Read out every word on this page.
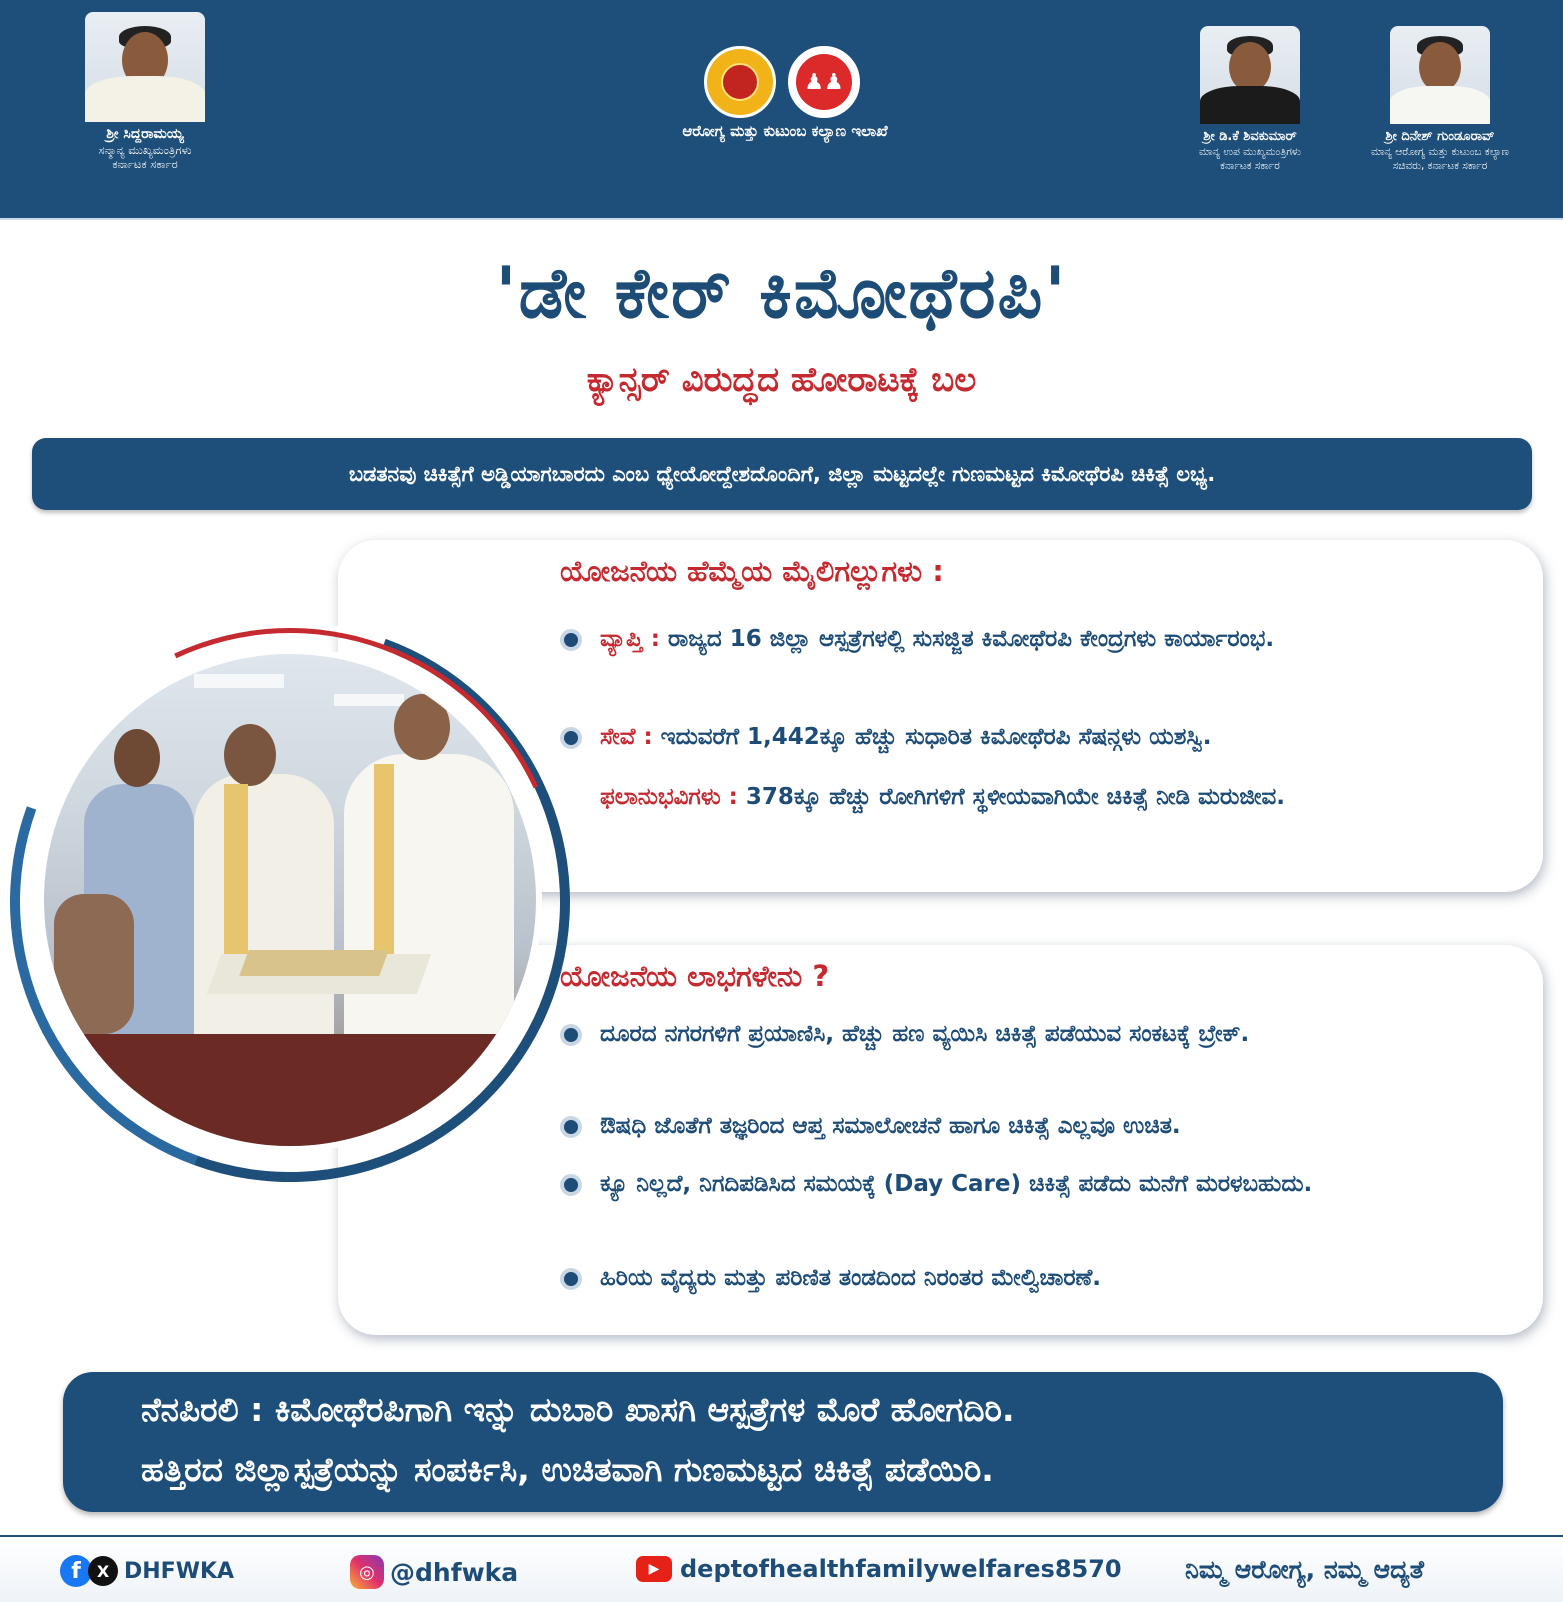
ಶ್ರೀ ಸಿದ್ದರಾಮಯ್ಯ
ಸನ್ಮಾನ್ಯ ಮುಖ್ಯಮಂತ್ರಿಗಳು
ಕರ್ನಾಟಕ ಸರ್ಕಾರ
♟♟
ಆರೋಗ್ಯ ಮತ್ತು ಕುಟುಂಬ ಕಲ್ಯಾಣ ಇಲಾಖೆ	ಶ್ರೀ ಡಿ.ಕೆ ಶಿವಕುಮಾರ್
ಮಾನ್ಯ ಉಪ ಮುಖ್ಯಮಂತ್ರಿಗಳು
ಕರ್ನಾಟಕ ಸರ್ಕಾರ
ಶ್ರೀ ದಿನೇಶ್ ಗುಂಡೂರಾವ್
ಮಾನ್ಯ ಆರೋಗ್ಯ ಮತ್ತು ಕುಟುಂಬ ಕಲ್ಯಾಣ
ಸಚಿವರು, ಕರ್ನಾಟಕ ಸರ್ಕಾರ
'ಡೇ ಕೇರ್ ಕಿಮೋಥೆರಪಿ'
ಕ್ಯಾನ್ಸರ್ ವಿರುದ್ಧದ ಹೋರಾಟಕ್ಕೆ ಬಲ
ಬಡತನವು ಚಿಕಿತ್ಸೆಗೆ ಅಡ್ಡಿಯಾಗಬಾರದು ಎಂಬ ಧ್ಯೇಯೋದ್ದೇಶದೊಂದಿಗೆ, ಜಿಲ್ಲಾ ಮಟ್ಟದಲ್ಲೇ ಗುಣಮಟ್ಟದ ಕಿಮೋಥೆರಪಿ ಚಿಕಿತ್ಸೆ ಲಭ್ಯ.
ಯೋಜನೆಯ ಹೆಮ್ಮೆಯ ಮೈಲಿಗಲ್ಲುಗಳು :
ವ್ಯಾಪ್ತಿ : ರಾಜ್ಯದ 16 ಜಿಲ್ಲಾ ಆಸ್ಪತ್ರೆಗಳಲ್ಲಿ ಸುಸಜ್ಜಿತ ಕಿಮೋಥೆರಪಿ ಕೇಂದ್ರಗಳು ಕಾರ್ಯಾರಂಭ.
ಸೇವೆ : ಇದುವರೆಗೆ 1,442ಕ್ಕೂ ಹೆಚ್ಚು ಸುಧಾರಿತ ಕಿಮೋಥೆರಪಿ ಸೆಷನ್ಗಳು ಯಶಸ್ವಿ.
ಫಲಾನುಭವಿಗಳು : 378ಕ್ಕೂ ಹೆಚ್ಚು ರೋಗಿಗಳಿಗೆ ಸ್ಥಳೀಯವಾಗಿಯೇ ಚಿಕಿತ್ಸೆ ನೀಡಿ ಮರುಜೀವ.
ಯೋಜನೆಯ ಲಾಭಗಳೇನು ?
ದೂರದ ನಗರಗಳಿಗೆ ಪ್ರಯಾಣಿಸಿ, ಹೆಚ್ಚು ಹಣ ವ್ಯಯಿಸಿ ಚಿಕಿತ್ಸೆ ಪಡೆಯುವ ಸಂಕಟಕ್ಕೆ ಬ್ರೇಕ್.
ಔಷಧಿ ಜೊತೆಗೆ ತಜ್ಞರಿಂದ ಆಪ್ತ ಸಮಾಲೋಚನೆ ಹಾಗೂ ಚಿಕಿತ್ಸೆ ಎಲ್ಲವೂ ಉಚಿತ.
ಕ್ಯೂ ನಿಲ್ಲದೆ, ನಿಗದಿಪಡಿಸಿದ ಸಮಯಕ್ಕೆ (Day Care) ಚಿಕಿತ್ಸೆ ಪಡೆದು ಮನೆಗೆ ಮರಳಬಹುದು.
ಹಿರಿಯ ವೈದ್ಯರು ಮತ್ತು ಪರಿಣಿತ ತಂಡದಿಂದ ನಿರಂತರ ಮೇಲ್ವಿಚಾರಣೆ.
ನೆನಪಿರಲಿ : ಕಿಮೋಥೆರಪಿಗಾಗಿ ಇನ್ನು ದುಬಾರಿ ಖಾಸಗಿ ಆಸ್ಪತ್ರೆಗಳ ಮೊರೆ ಹೋಗದಿರಿ.
ಹತ್ತಿರದ ಜಿಲ್ಲಾಸ್ಪತ್ರೆಯನ್ನು ಸಂಪರ್ಕಿಸಿ, ಉಚಿತವಾಗಿ ಗುಣಮಟ್ಟದ ಚಿಕಿತ್ಸೆ ಪಡೆಯಿರಿ.
f	X DHFWKA	◎ @dhfwka	▶ deptofhealthfamilywelfares8570	ನಿಮ್ಮ ಆರೋಗ್ಯ, ನಮ್ಮ ಆದ್ಯತೆ
